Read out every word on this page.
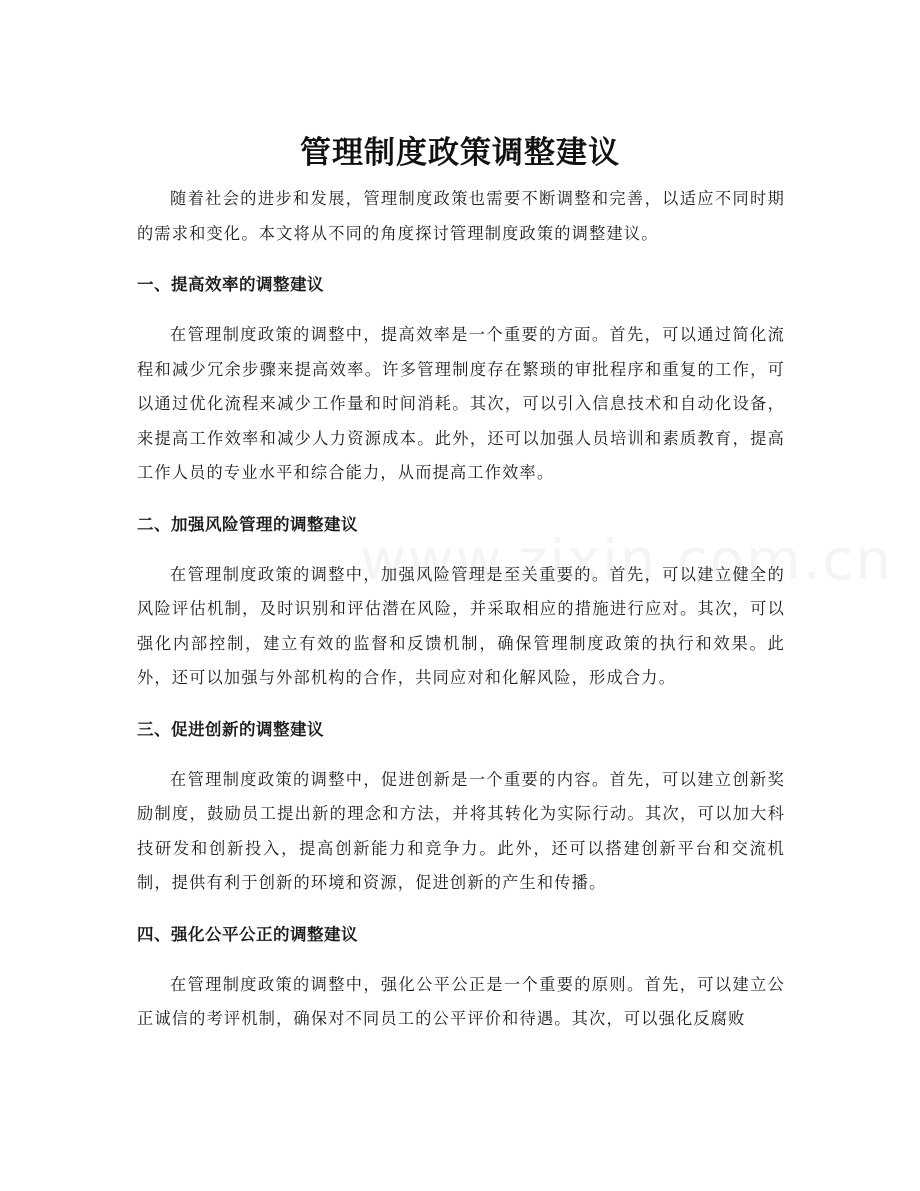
管理制度政策调整建议

随着社会的进步和发展，管理制度政策也需要不断调整和完善，以适应不同时期的需求和变化。本文将从不同的角度探讨管理制度政策的调整建议。

一、提高效率的调整建议

在管理制度政策的调整中，提高效率是一个重要的方面。首先，可以通过简化流程和减少冗余步骤来提高效率。许多管理制度存在繁琐的审批程序和重复的工作，可以通过优化流程来减少工作量和时间消耗。其次，可以引入信息技术和自动化设备，来提高工作效率和减少人力资源成本。此外，还可以加强人员培训和素质教育，提高工作人员的专业水平和综合能力，从而提高工作效率。

二、加强风险管理的调整建议

在管理制度政策的调整中，加强风险管理是至关重要的。首先，可以建立健全的风险评估机制，及时识别和评估潜在风险，并采取相应的措施进行应对。其次，可以强化内部控制，建立有效的监督和反馈机制，确保管理制度政策的执行和效果。此外，还可以加强与外部机构的合作，共同应对和化解风险，形成合力。

三、促进创新的调整建议

在管理制度政策的调整中，促进创新是一个重要的内容。首先，可以建立创新奖励制度，鼓励员工提出新的理念和方法，并将其转化为实际行动。其次，可以加大科技研发和创新投入，提高创新能力和竞争力。此外，还可以搭建创新平台和交流机制，提供有利于创新的环境和资源，促进创新的产生和传播。

四、强化公平公正的调整建议

在管理制度政策的调整中，强化公平公正是一个重要的原则。首先，可以建立公正诚信的考评机制，确保对不同员工的公平评价和待遇。其次，可以强化反腐败
